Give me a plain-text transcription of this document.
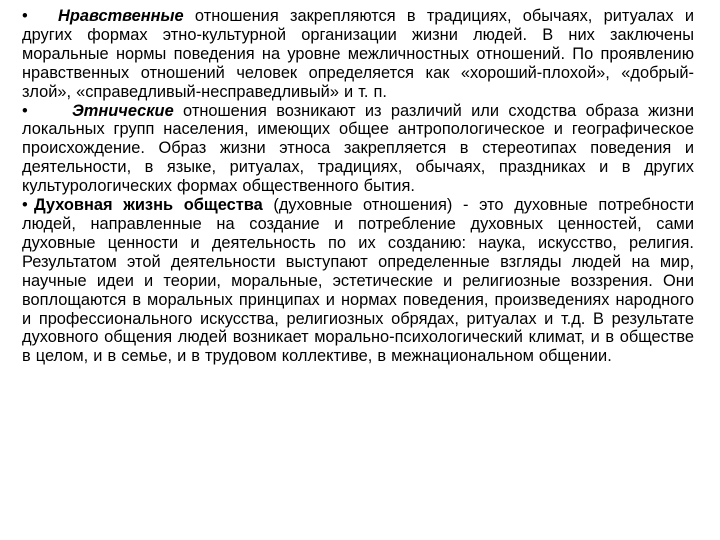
• Нравственные отношения закрепляются в традициях, обычаях, ритуалах и других формах этно-культурной организации жизни людей. В них заключены моральные нормы поведения на уровне межличностных отношений. По проявлению нравственных отношений человек определяется как «хороший-плохой», «добрый-злой», «справедливый-несправедливый» и т. п.

•	Этнические отношения возникают из различий или сходства образа жизни локальных групп населения, имеющих общее антропологическое и географическое происхождение. Образ жизни этноса закрепляется в стереотипах поведения и деятельности, в языке, ритуалах, традициях, обычаях, праздниках и в других культурологических формах общественного бытия.

• Духовная жизнь общества (духовные отношения) - это духовные потребности людей, направленные на создание и потребление духовных ценностей, сами духовные ценности и деятельность по их созданию: наука, искусство, религия. Результатом этой деятельности выступают определенные взгляды людей на мир, научные идеи и теории, моральные, эстетические и религиозные воззрения. Они воплощаются в моральных принципах и нормах поведения, произведениях народного и профессионального искусства, религиозных обрядах, ритуалах и т.д. В результате духовного общения людей возникает морально-психологический климат, и в обществе в целом, и в семье, и в трудовом коллективе, в межнациональном общении.
